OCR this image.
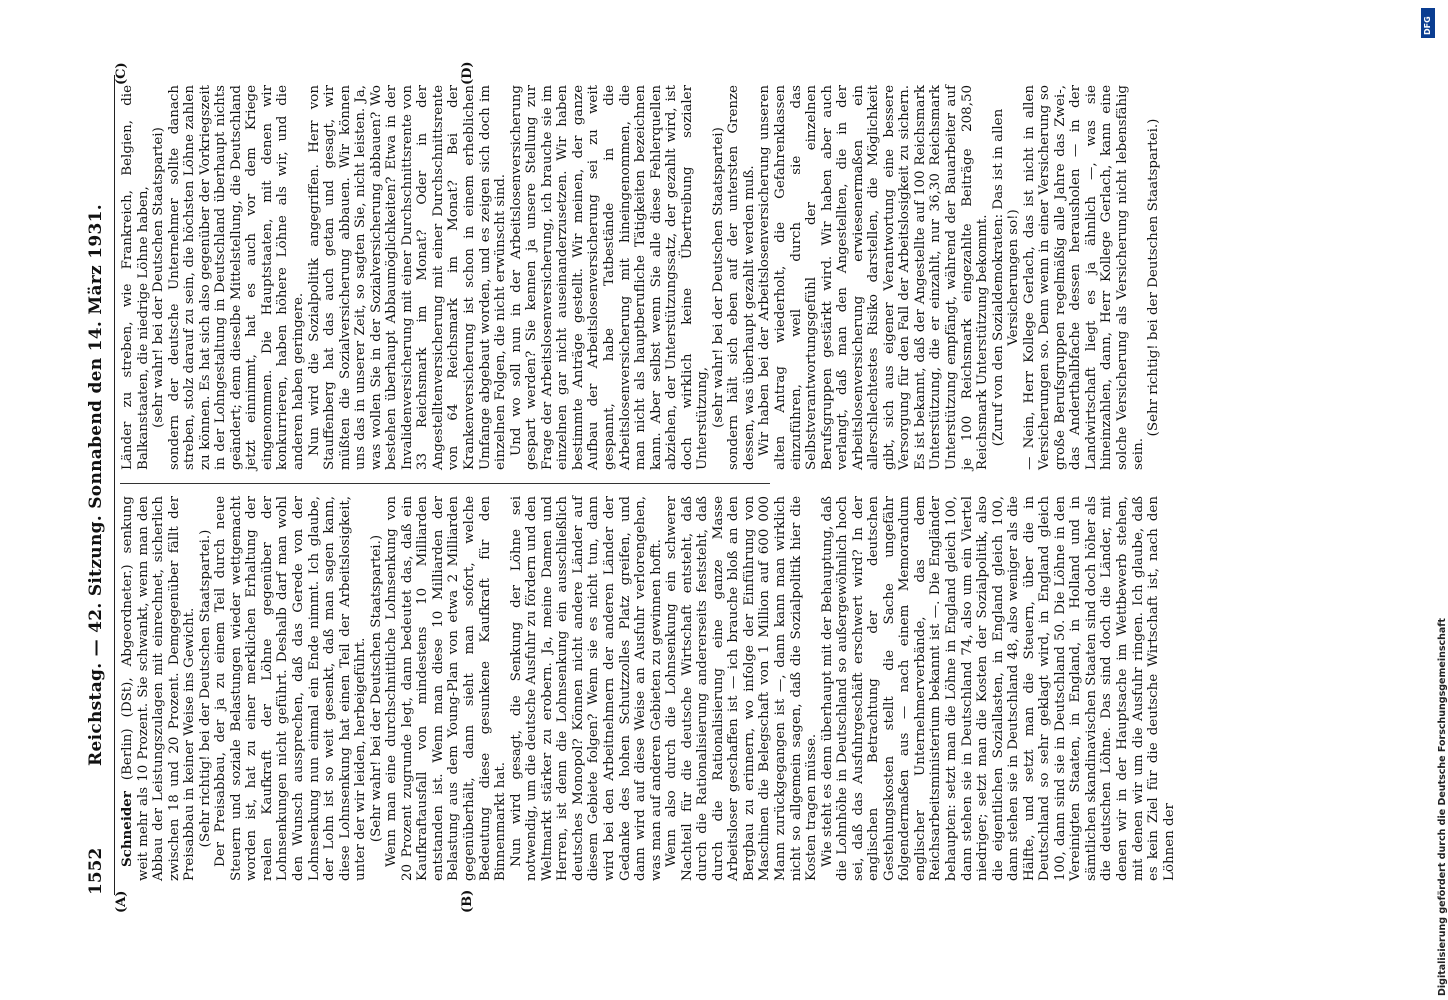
1552
Reichstag. — 42. Sitzung. Sonnabend den 14. März 1931.

Schneider (Berlin) (DSt), Abgeordneter.) senkung weit mehr als 10 Prozent. Sie schwankt, wenn man den Abbau der Leistungszulagen mit einrechnet, sicherlich zwischen 18 und 20 Prozent. Demgegenüber fällt der Preisabbau in keiner Weise ins Gewicht. (Sehr richtig! bei der Deutschen Staatspartei.) Der Preisabbau, der ja zu einem Teil durch neue Steuern und soziale Belastungen wieder wettgemacht worden ist, hat zu einer merklichen Erhaltung der realen Kaufkraft der Löhne gegenüber der Lohnsenkungen nicht geführt. Deshalb darf man wohl den Wunsch aussprechen, daß das Gerede von der Lohnsenkung nun einmal ein Ende nimmt. Ich glaube, der Lohn ist so weit gesenkt, daß man sagen kann, diese Lohnsenkung hat einen Teil der Arbeitslosigkeit, unter der wir leiden, herbeigeführt. (Sehr wahr! bei der Deutschen Staatspartei.) Wenn man eine durchschnittliche Lohnsenkung von 20 Prozent zugrunde legt, dann bedeutet das, daß ein Kaufkraftausfall von mindestens 10 Milliarden entstanden ist. Wenn man diese 10 Milliarden der Belastung aus dem Young-Plan von etwa 2 Milliarden gegenüberhält, dann sieht man sofort, welche Bedeutung diese gesunkene Kaufkraft für den Binnenmarkt hat. Nun wird gesagt, die Senkung der Löhne sei notwendig, um die deutsche Ausfuhr zu fördern und den Weltmarkt stärker zu erobern. Ja, meine Damen und Herren, ist denn die Lohnsenkung ein ausschließlich deutsches Monopol? Können nicht andere Länder auf diesem Gebiete folgen? Wenn sie es nicht tun, dann wird bei den Arbeitnehmern der anderen Länder der Gedanke des hohen Schutzzolles Platz greifen, und dann wird auf diese Weise an Ausfuhr verlorengehen, was man auf anderen Gebieten zu gewinnen hofft. Wenn also durch die Lohnsenkung ein schwerer Nachteil für die deutsche Wirtschaft entsteht, daß durch die Rationalisierung andererseits feststeht, daß durch die Rationalisierung eine ganze Masse Arbeitsloser geschaffen ist — ich brauche bloß an den Bergbau zu erinnern, wo infolge der Einführung von Maschinen die Belegschaft von 1 Million auf 600 000 Mann zurückgegangen ist —, dann kann man wirklich nicht so allgemein sagen, daß die Sozialpolitik hier die Kosten tragen müsse. Wie steht es denn überhaupt mit der Behauptung, daß die Lohnhöhe in Deutschland so außergewöhnlich hoch sei, daß das Ausfuhrgeschäft erschwert wird? In der englischen Betrachtung der deutschen Gestehungskosten stellt die Sache ungefähr folgendermaßen aus — nach einem Memorandum englischer Unternehmerverbände, das dem Reichsarbeitsministerium bekannt ist —. Die Engländer behaupten: setzt man die Löhne in England gleich 100, dann stehen sie in Deutschland 74, also um ein Viertel niedriger; setzt man die Kosten der Sozialpolitik, also die eigentlichen Soziallasten, in England gleich 100, dann stehen sie in Deutschland 48, also weniger als die Hälfte, und setzt man die Steuern, über die in Deutschland so sehr geklagt wird, in England gleich 100, dann sind sie in Deutschland 50. Die Löhne in den Vereinigten Staaten, in England, in Holland und in sämtlichen skandinavischen Staaten sind doch höher als die deutschen Löhne. Das sind doch die Länder, mit denen wir in der Hauptsache im Wettbewerb stehen, mit denen wir um die Ausfuhr ringen. Ich glaube, daß es kein Ziel für die deutsche Wirtschaft ist, nach den Löhnen der

Länder zu streben, wie Frankreich, Belgien, die Balkanstaaten, die niedrige Löhne haben, (sehr wahr! bei der Deutschen Staatspartei) sondern der deutsche Unternehmer sollte danach streben, stolz darauf zu sein, die höchsten Löhne zahlen zu können. Es hat sich also gegenüber der Vorkriegszeit in der Lohngestaltung in Deutschland überhaupt nichts geändert; denn dieselbe Mittelstellung, die Deutschland jetzt einnimmt, hat es auch vor dem Kriege eingenommen. Die Hauptstaaten, mit denen wir konkurrieren, haben höhere Löhne als wir, und die anderen haben geringere. Nun wird die Sozialpolitik angegriffen. Herr von Stauffenberg hat das auch getan und gesagt, wir müßten die Sozialversicherung abbauen. Wir können uns das in unserer Zeit, so sagten Sie, nicht leisten. Ja, was wollen Sie in der Sozialversicherung abbauen? Wo bestehen überhaupt Abbaumöglichkeiten? Etwa in der Invalidenversicherung mit einer Durchschnittsrente von 33 Reichsmark im Monat? Oder in der Angestelltenversicherung mit einer Durchschnittsrente von 64 Reichsmark im Monat? Bei der Krankenversicherung ist schon in einem erheblichen Umfange abgebaut worden, und es zeigen sich doch im einzelnen Folgen, die nicht erwünscht sind. Und wo soll nun in der Arbeitslosenversicherung gespart werden? Sie kennen ja unsere Stellung zur Frage der Arbeitslosenversicherung, ich brauche sie im einzelnen gar nicht auseinanderzusetzen. Wir haben bestimmte Anträge gestellt. Wir meinen, der ganze Aufbau der Arbeitslosenversicherung sei zu weit gespannt, habe Tatbestände in die Arbeitslosenversicherung mit hineingenommen, die man nicht als hauptberufliche Tätigkeiten bezeichnen kann. Aber selbst wenn Sie alle diese Fehlerquellen abziehen, der Unterstützungssatz, der gezahlt wird, ist doch wirklich keine Übertreibung sozialer Unterstützung, (sehr wahr! bei der Deutschen Staatspartei) sondern hält sich eben auf der untersten Grenze dessen, was überhaupt gezahlt werden muß. Wir haben bei der Arbeitslosenversicherung unseren alten Antrag wiederholt, die Gefahrenklassen einzuführen, weil durch sie das Selbstverantwortungsgefühl der einzelnen Berufsgruppen gestärkt wird. Wir haben aber auch verlangt, daß man den Angestellten, die in der Arbeitslosenversicherung erwiesenermaßen ein allerschlechtestes Risiko darstellen, die Möglichkeit gibt, sich aus eigener Verantwortung eine bessere Versorgung für den Fall der Arbeitslosigkeit zu sichern. Es ist bekannt, daß der Angestellte auf 100 Reichsmark Unterstützung, die er einzahlt, nur 36,30 Reichsmark Unterstützung empfängt, während der Bauarbeiter auf je 100 Reichsmark eingezahlte Beiträge 208,50 Reichsmark Unterstützung bekommt. (Zuruf von den Sozialdemokraten: Das ist in allen Versicherungen so!) — Nein, Herr Kollege Gerlach, das ist nicht in allen Versicherungen so. Denn wenn in einer Versicherung so große Berufsgruppen regelmäßig alle Jahre das Zwei-, das Anderthalbfache dessen herausholen — in der Landwirtschaft liegt es ja ähnlich —, was sie hineinzahlen, dann, Herr Kollege Gerlach, kann eine solche Versicherung als Versicherung nicht lebensfähig sein.

(Sehr richtig! bei der Deutschen Staatspartei.)

(A)	(B)
(C)	(D)
DFG
Digitalisierung gefördert durch die Deutsche Forschungsgemeinschaft
